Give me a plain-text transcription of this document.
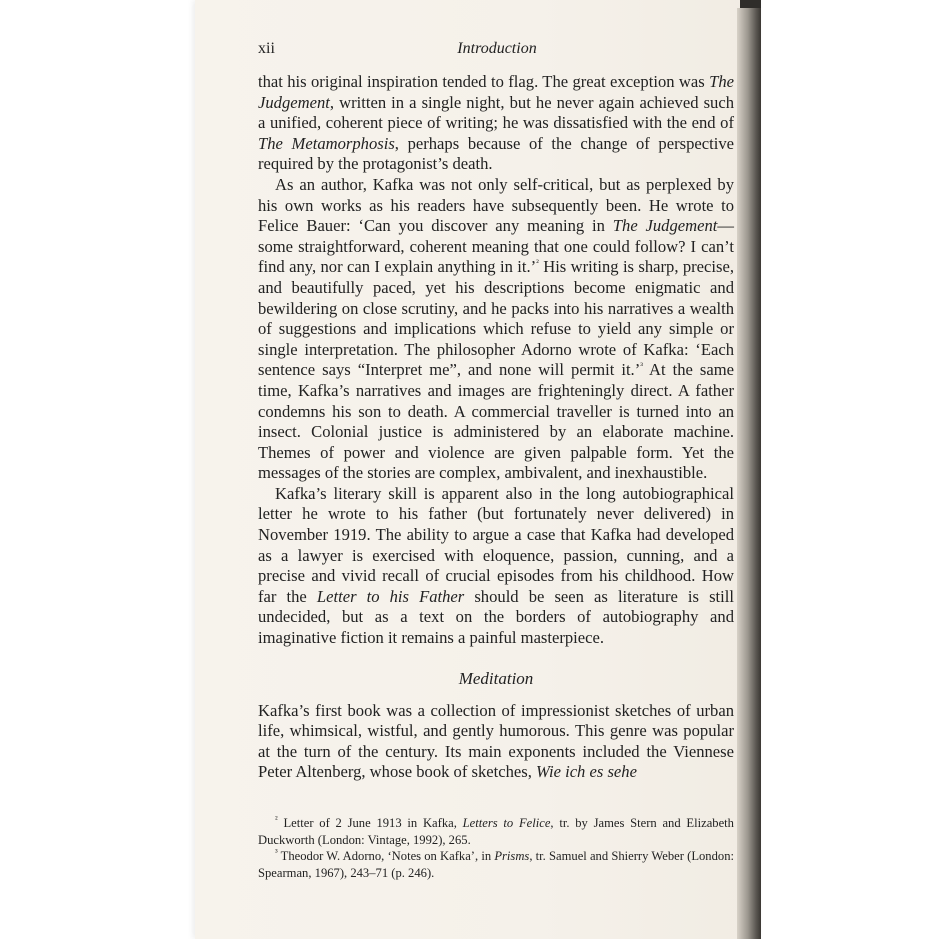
xii	Introduction

that his original inspiration tended to flag. The great exception was The Judgement, written in a single night, but he never again achieved such a unified, coherent piece of writing; he was dissatisfied with the end of The Metamorphosis, perhaps because of the change of perspective required by the protagonist’s death.

As an author, Kafka was not only self-critical, but as perplexed by his own works as his readers have subsequently been. He wrote to Felice Bauer: ‘Can you discover any meaning in The Judgement—some straightforward, coherent meaning that one could follow? I can’t find any, nor can I explain anything in it.’$^{^2}$ His writing is sharp, precise, and beautifully paced, yet his descriptions become enigmatic and bewildering on close scrutiny, and he packs into his narratives a wealth of suggestions and implications which refuse to yield any simple or single interpretation. The philosopher Adorno wrote of Kafka: ‘Each sentence says “Interpret me”, and none will permit it.’$^{^3}$ At the same time, Kafka’s narratives and images are frighteningly direct. A father condemns his son to death. A commercial traveller is turned into an insect. Colonial justice is administered by an elaborate machine. Themes of power and violence are given palpable form. Yet the messages of the stories are complex, ambivalent, and inexhaustible.

Kafka’s literary skill is apparent also in the long autobiographical letter he wrote to his father (but fortunately never delivered) in November 1919. The ability to argue a case that Kafka had developed as a lawyer is exercised with eloquence, passion, cunning, and a precise and vivid recall of crucial episodes from his childhood. How far the Letter to his Father should be seen as literature is still undecided, but as a text on the borders of autobiography and imaginative fiction it remains a painful masterpiece.

Meditation

Kafka’s first book was a collection of impressionist sketches of urban life, whimsical, wistful, and gently humorous. This genre was popular at the turn of the century. Its main exponents included the Viennese Peter Altenberg, whose book of sketches, Wie ich es sehe

$^{^2}$ Letter of 2 June 1913 in Kafka, Letters to Felice, tr. by James Stern and Elizabeth Duckworth (London: Vintage, 1992), 265.

$^{^3}$ Theodor W. Adorno, ‘Notes on Kafka’, in Prisms, tr. Samuel and Shierry Weber (London: Spearman, 1967), 243–71 (p. 246).
